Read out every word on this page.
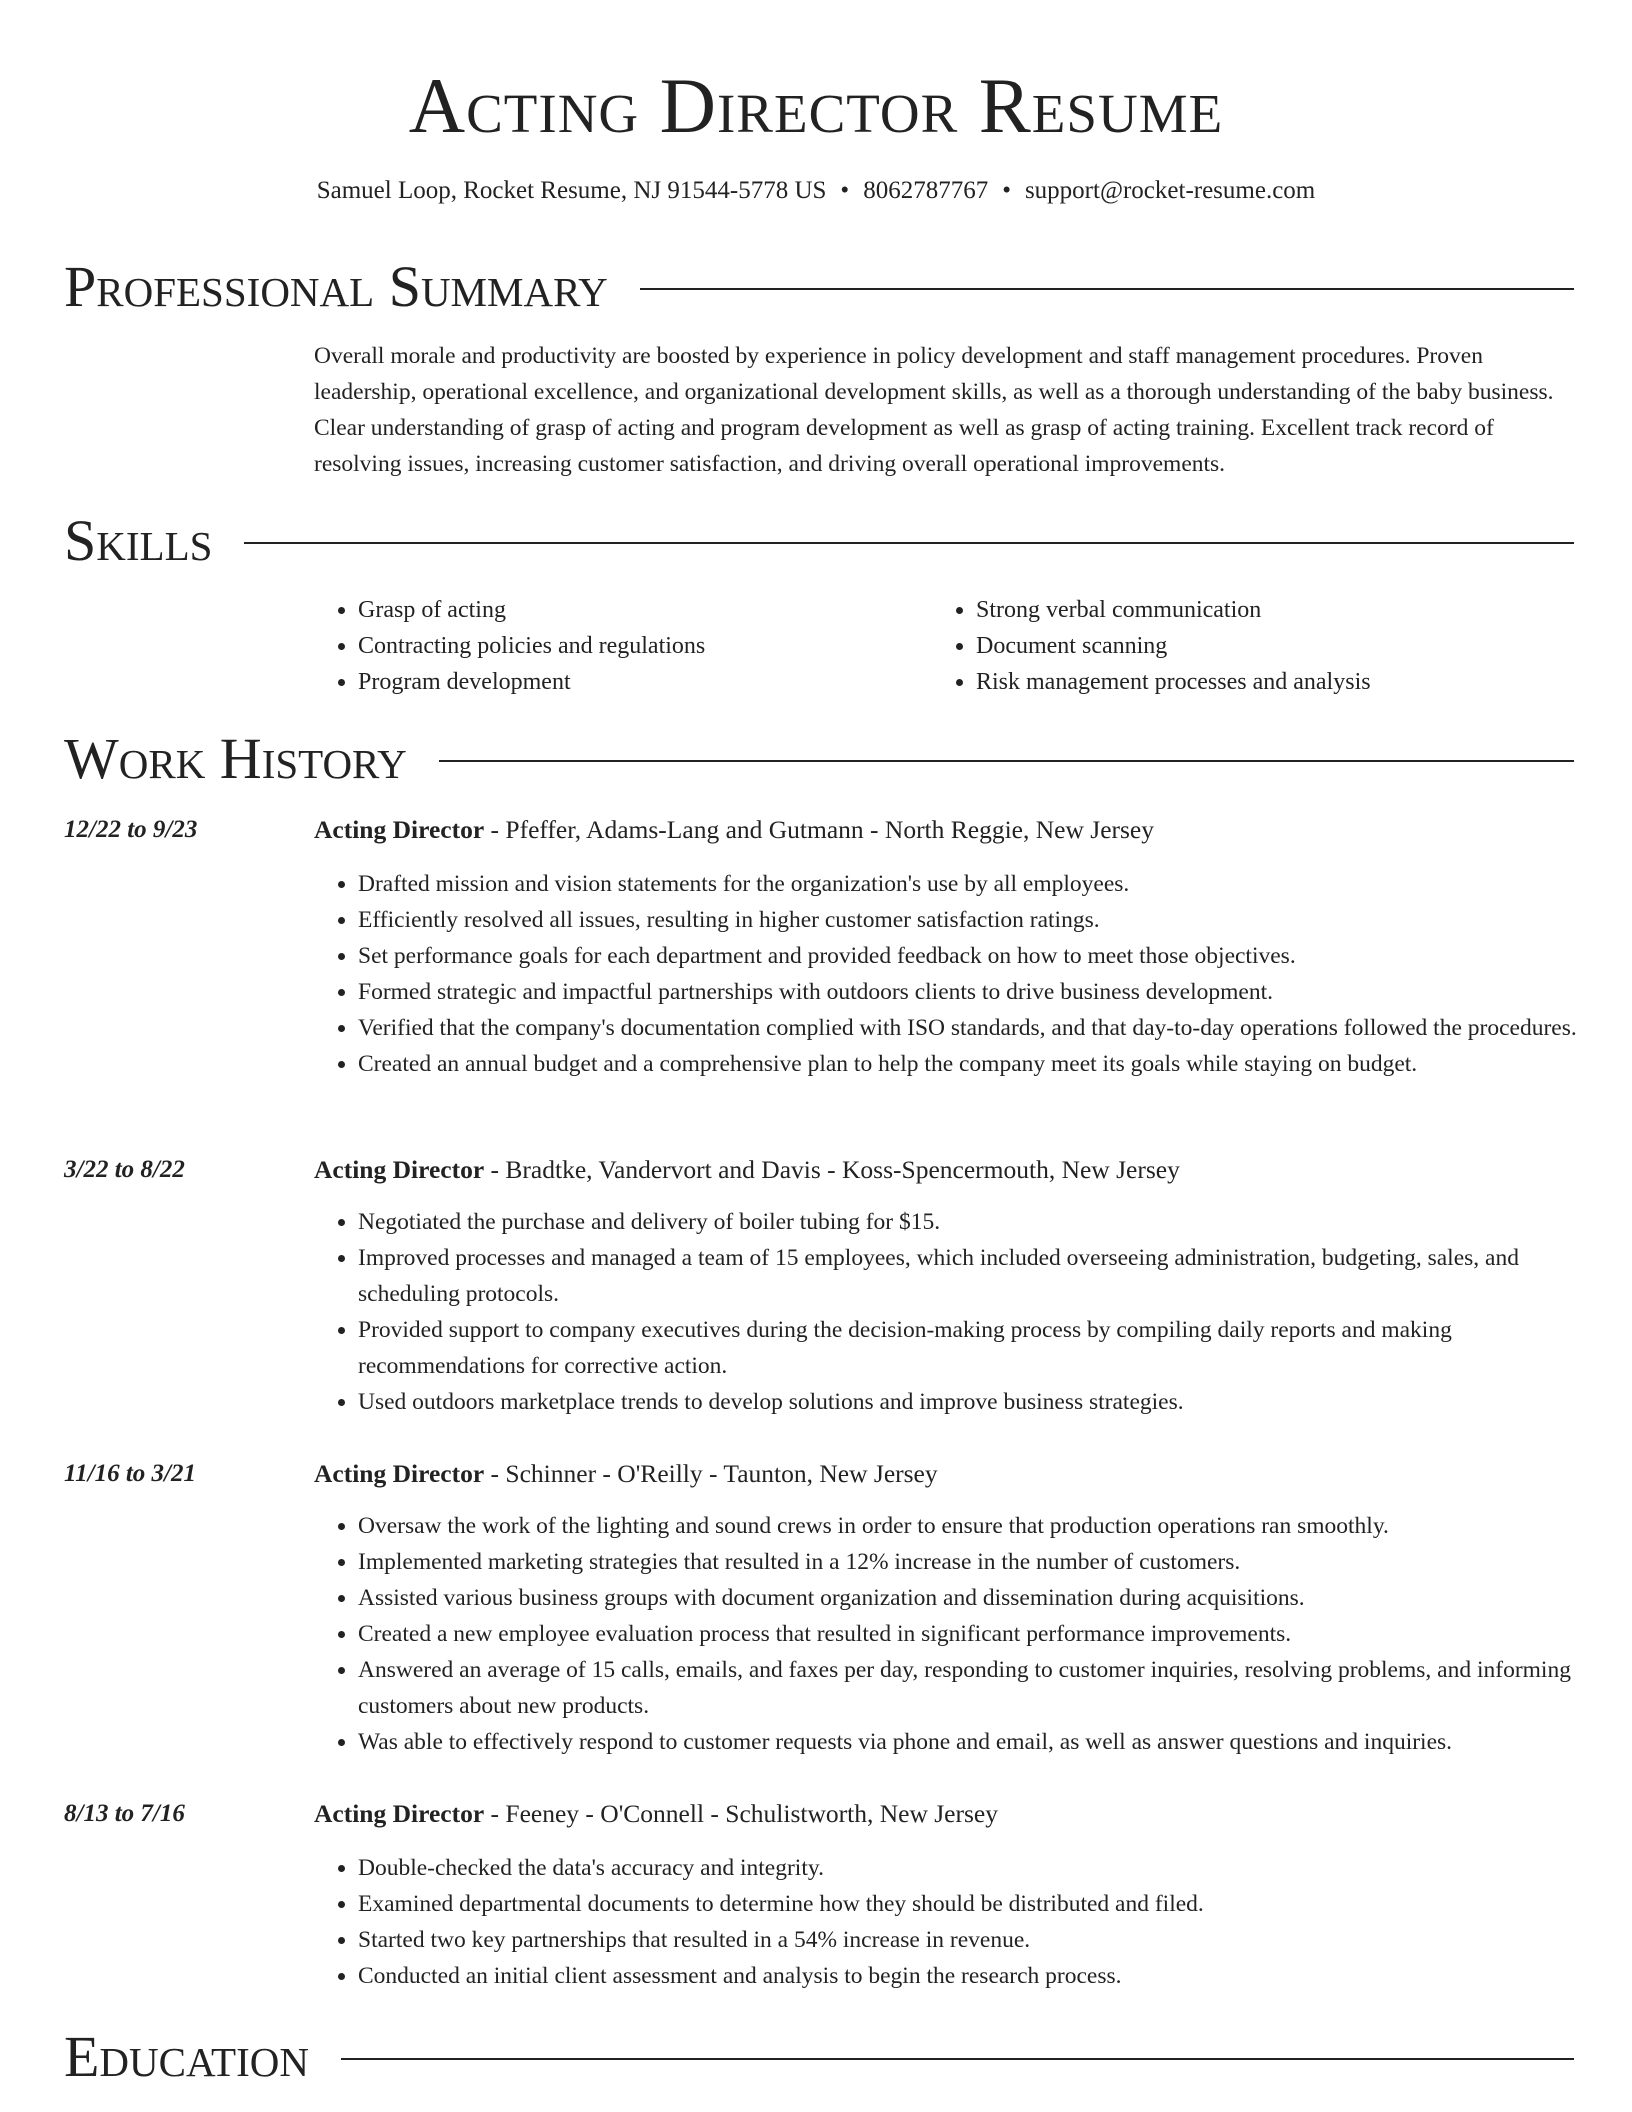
Acting Director Resume
Samuel Loop, Rocket Resume, NJ 91544-5778 US • 8062787767 • support@rocket-resume.com
Professional Summary

Overall morale and productivity are boosted by experience in policy development and staff management procedures. Proven leadership, operational excellence, and organizational development skills, as well as a thorough understanding of the baby business. Clear understanding of grasp of acting and program development as well as grasp of acting training. Excellent track record of resolving issues, increasing customer satisfaction, and driving overall operational improvements.

Skills
• Grasp of acting
• Contracting policies and regulations
• Program development
• Strong verbal communication
• Document scanning
• Risk management processes and analysis
Work History
12/22 to 9/23	Acting Director - Pfeffer, Adams-Lang and Gutmann - North Reggie, New Jersey
• Drafted mission and vision statements for the organization's use by all employees.
• Efficiently resolved all issues, resulting in higher customer satisfaction ratings.
• Set performance goals for each department and provided feedback on how to meet those objectives.
• Formed strategic and impactful partnerships with outdoors clients to drive business development.
• Verified that the company's documentation complied with ISO standards, and that day-to-day operations followed the procedures.
• Created an annual budget and a comprehensive plan to help the company meet its goals while staying on budget.
3/22 to 8/22	Acting Director - Bradtke, Vandervort and Davis - Koss-Spencermouth, New Jersey
• Negotiated the purchase and delivery of boiler tubing for $15.
• Improved processes and managed a team of 15 employees, which included overseeing administration, budgeting, sales, and scheduling protocols.
• Provided support to company executives during the decision-making process by compiling daily reports and making recommendations for corrective action.
• Used outdoors marketplace trends to develop solutions and improve business strategies.
11/16 to 3/21	Acting Director - Schinner - O'Reilly - Taunton, New Jersey
• Oversaw the work of the lighting and sound crews in order to ensure that production operations ran smoothly.
• Implemented marketing strategies that resulted in a 12% increase in the number of customers.
• Assisted various business groups with document organization and dissemination during acquisitions.
• Created a new employee evaluation process that resulted in significant performance improvements.
• Answered an average of 15 calls, emails, and faxes per day, responding to customer inquiries, resolving problems, and informing customers about new products.
• Was able to effectively respond to customer requests via phone and email, as well as answer questions and inquiries.
8/13 to 7/16	Acting Director - Feeney - O'Connell - Schulistworth, New Jersey
• Double-checked the data's accuracy and integrity.
• Examined departmental documents to determine how they should be distributed and filed.
• Started two key partnerships that resulted in a 54% increase in revenue.
• Conducted an initial client assessment and analysis to begin the research process.
Education
